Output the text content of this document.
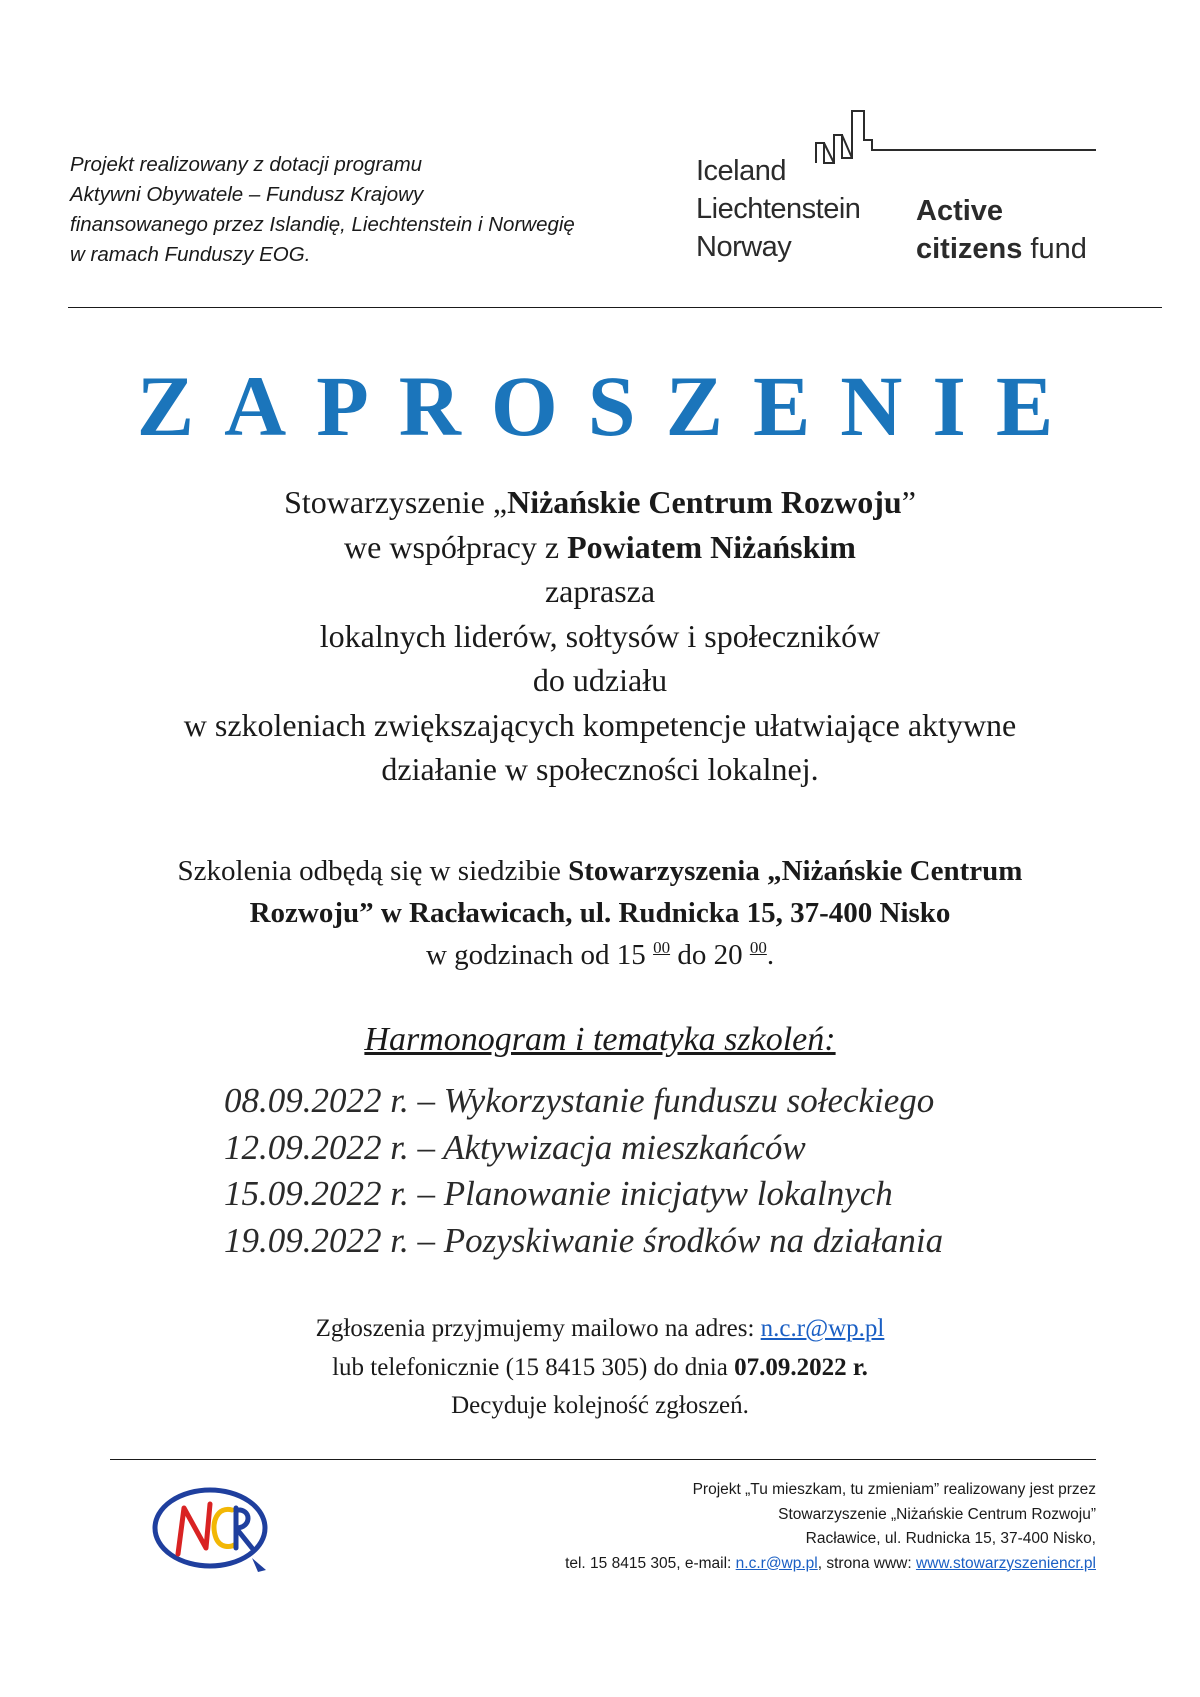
Projekt realizowany z dotacji programu
Aktywni Obywatele – Fundusz Krajowy
finansowanego przez Islandię, Liechtenstein i Norwegię
w ramach Funduszy EOG.
Iceland
Liechtenstein
Norway
Active
citizens fund
ZAPROSZENIE
Stowarzyszenie „Niżańskie Centrum Rozwoju”
we współpracy z Powiatem Niżańskim
zaprasza
lokalnych liderów, sołtysów i społeczników
do udziału
w szkoleniach zwiększających kompetencje ułatwiające aktywne
działanie w społeczności lokalnej.
Szkolenia odbędą się w siedzibie Stowarzyszenia „Niżańskie Centrum
Rozwoju” w Racławicach, ul. Rudnicka 15, 37-400 Nisko
w godzinach od 15 $^{00}$ do 20 $^{00}$.
Harmonogram i tematyka szkoleń:
08.09.2022 r. – Wykorzystanie funduszu sołeckiego
12.09.2022 r. – Aktywizacja mieszkańców
15.09.2022 r. – Planowanie inicjatyw lokalnych
19.09.2022 r. – Pozyskiwanie środków na działania
Zgłoszenia przyjmujemy mailowo na adres: n.c.r@wp.pl
lub telefonicznie (15 8415 305) do dnia 07.09.2022 r.
Decyduje kolejność zgłoszeń.
Projekt „Tu mieszkam, tu zmieniam” realizowany jest przez
Stowarzyszenie „Niżańskie Centrum Rozwoju”
Racławice, ul. Rudnicka 15, 37-400 Nisko,
tel. 15 8415 305, e-mail: n.c.r@wp.pl, strona www: www.stowarzyszeniencr.pl
